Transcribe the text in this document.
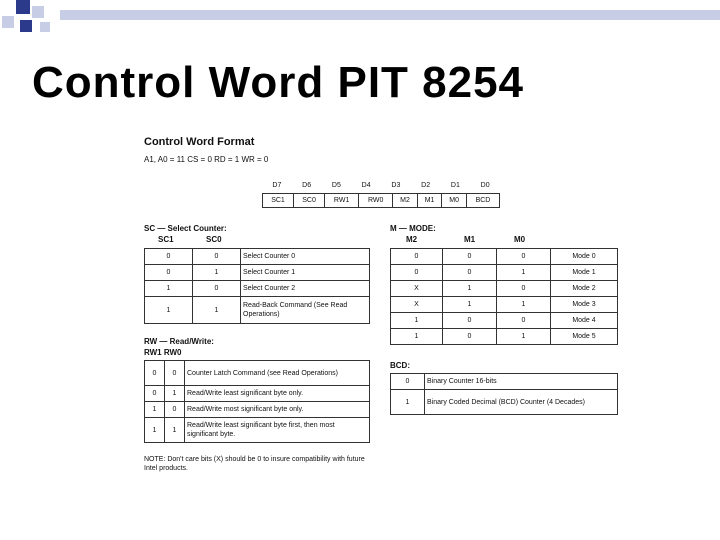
Control Word PIT 8254
Control Word Format
A1, A0 = 11 CS = 0 RD = 1 WR = 0
D7	D6	D5	D4	D3	D2	D1	D0
SC1	SC0	RW1	RW0	M2	M1	M0	BCD
SC — Select Counter:
SC1	SC0
0	0	Select Counter 0
0	1	Select Counter 1
1	0	Select Counter 2
1	1	Read-Back Command (See Read Operations)
M — MODE:
M2	M1	M0
0	0	0	Mode 0
0	0	1	Mode 1
X	1	0	Mode 2
X	1	1	Mode 3
1	0	0	Mode 4
1	0	1	Mode 5
RW — Read/Write:
RW1 RW0
0	0	Counter Latch Command (see Read Operations)
0	1	Read/Write least significant byte only.
1	0	Read/Write most significant byte only.
1	1	Read/Write least significant byte first, then most significant byte.
BCD:
0	Binary Counter 16-bits
1	Binary Coded Decimal (BCD) Counter (4 Decades)
NOTE: Don't care bits (X) should be 0 to insure compatibility with future Intel products.
